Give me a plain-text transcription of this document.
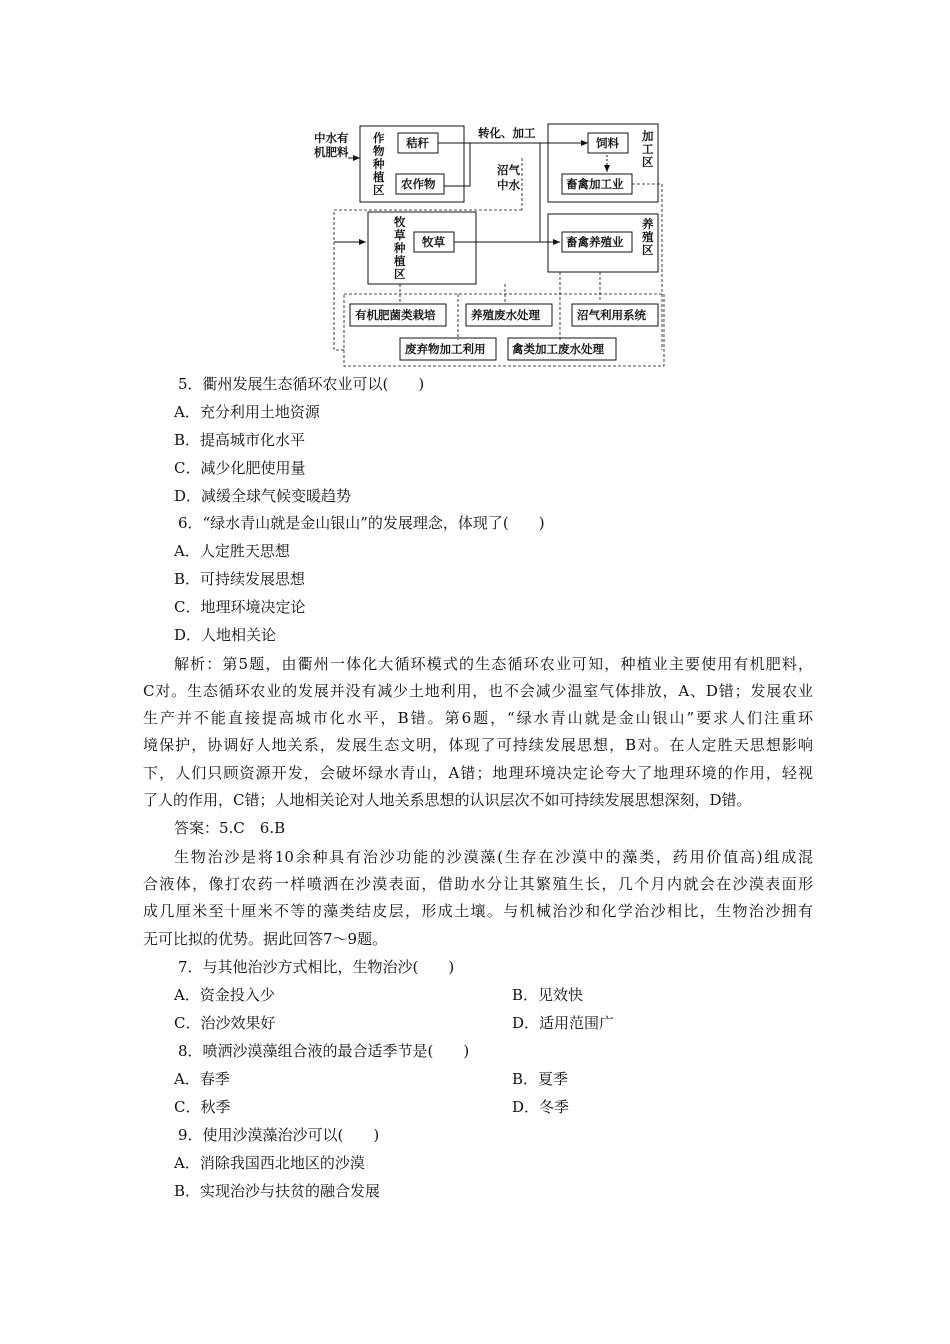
中水有
机肥料
作
物
种
植
区
秸秆
农作物
转化、加工
沼气
中水
加
工
区
饲料
畜禽加工业
牧
草
种
植
区
牧草
养
殖
区
畜禽养殖业
有机肥菌类栽培	养殖废水处理	沼气利用系统
废弃物加工利用 禽类加工废水处理
5．衢州发展生态循环农业可以(　　)
A．充分利用土地资源
B．提高城市化水平
C．减少化肥使用量
D．减缓全球气候变暖趋势
6．“绿水青山就是金山银山”的发展理念，体现了(　　)
A．人定胜天思想
B．可持续发展思想
C．地理环境决定论
D．人地相关论
解析：第5题，由衢州一体化大循环模式的生态循环农业可知，种植业主要使用有机肥料，
C对。生态循环农业的发展并没有减少土地利用，也不会减少温室气体排放，A、D错；发展农业
生产并不能直接提高城市化水平，B错。第6题，“绿水青山就是金山银山”要求人们注重环
境保护，协调好人地关系，发展生态文明，体现了可持续发展思想，B对。在人定胜天思想影响
下，人们只顾资源开发，会破坏绿水青山，A错；地理环境决定论夸大了地理环境的作用，轻视
了人的作用，C错；人地相关论对人地关系思想的认识层次不如可持续发展思想深刻，D错。
答案：5.C　6.B
生物治沙是将10余种具有治沙功能的沙漠藻(生存在沙漠中的藻类，药用价值高)组成混
合液体，像打农药一样喷洒在沙漠表面，借助水分让其繁殖生长，几个月内就会在沙漠表面形
成几厘米至十厘米不等的藻类结皮层，形成土壤。与机械治沙和化学治沙相比，生物治沙拥有
无可比拟的优势。据此回答7～9题。
7．与其他治沙方式相比，生物治沙(　　)
A．资金投入少	B．见效快
C．治沙效果好	D．适用范围广
8．喷洒沙漠藻组合液的最合适季节是(　　)
A．春季	B．夏季
C．秋季	D．冬季
9．使用沙漠藻治沙可以(　　)
A．消除我国西北地区的沙漠
B．实现治沙与扶贫的融合发展
